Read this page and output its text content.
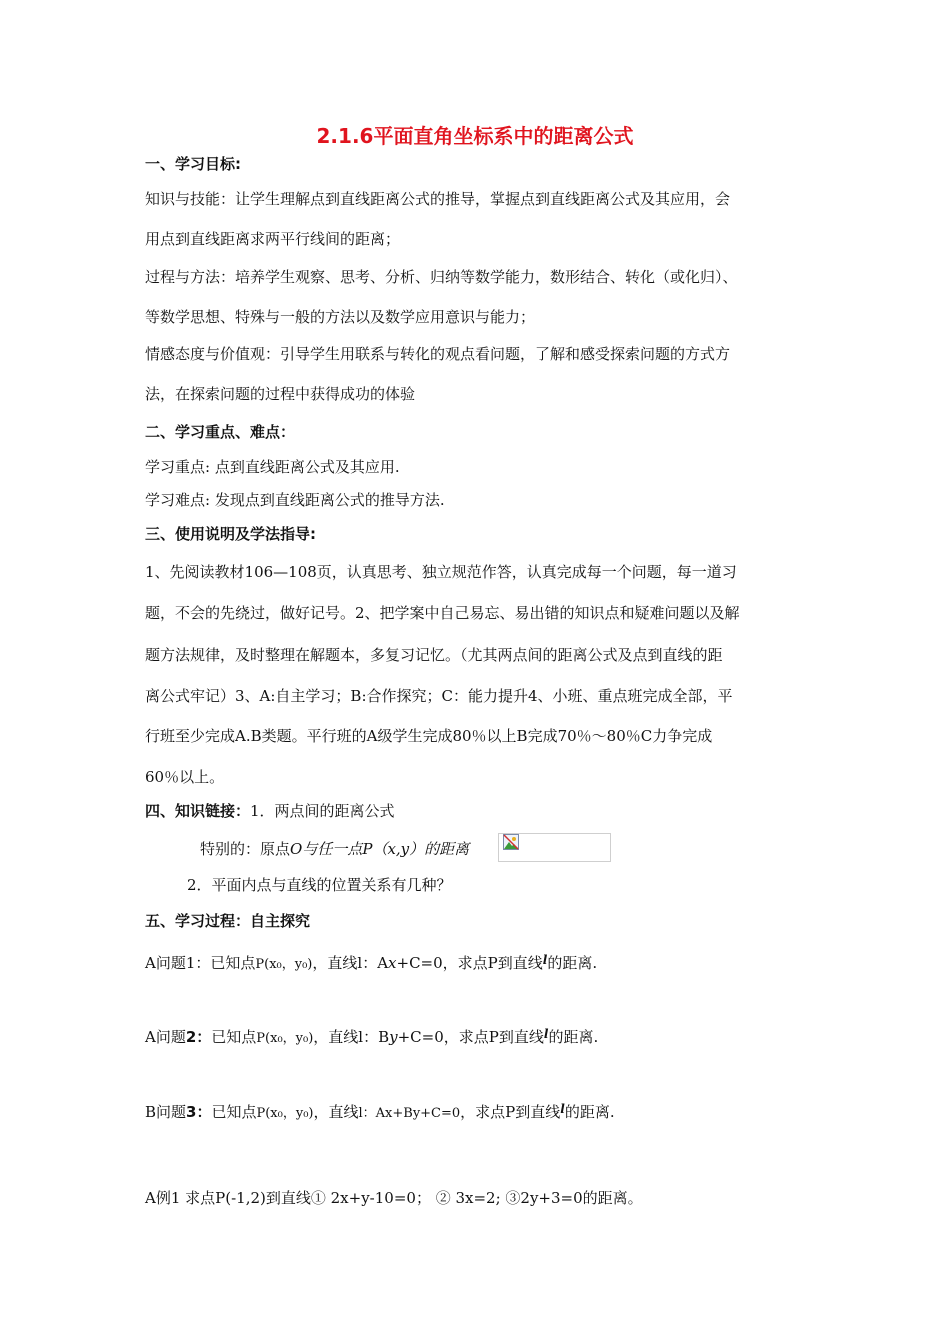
2.1.6平面直角坐标系中的距离公式
一、学习目标:
知识与技能：让学生理解点到直线距离公式的推导，掌握点到直线距离公式及其应用，会
用点到直线距离求两平行线间的距离；
过程与方法：培养学生观察、思考、分析、归纳等数学能力，数形结合、转化（或化归）、
等数学思想、特殊与一般的方法以及数学应用意识与能力；
情感态度与价值观：引导学生用联系与转化的观点看问题，了解和感受探索问题的方式方
法，在探索问题的过程中获得成功的体验
二、学习重点、难点：
学习重点: 点到直线距离公式及其应用.
学习难点: 发现点到直线距离公式的推导方法.
三、使用说明及学法指导:
1、先阅读教材106—108页，认真思考、独立规范作答，认真完成每一个问题，每一道习
题，不会的先绕过，做好记号。2、把学案中自己易忘、易出错的知识点和疑难问题以及解
题方法规律，及时整理在解题本，多复习记忆。（尤其两点间的距离公式及点到直线的距
离公式牢记）3、A:自主学习；B:合作探究；C：能力提升4、小班、重点班完成全部，平
行班至少完成A.B类题。平行班的A级学生完成80％以上B完成70％～80％C力争完成
60％以上。
四、知识链接：1．两点间的距离公式
特别的：原点O与任一点P（x,y）的距离
2．平面内点与直线的位置关系有几种？
五、学习过程：自主探究
A问题1：已知点P(x₀，y₀)，直线l：Ax+C=0，求点P到直线$^l$的距离.
A问题2：已知点P(x₀，y₀)，直线l：By+C=0，求点P到直线$^l$的距离.
B问题3：已知点P(x₀，y₀)，直线l：Ax+By+C=0，求点P到直线$^l$的距离.
A例1 求点P(-1,2)到直线① 2x+y-10=0； ② 3x=2; ③2y+3=0的距离。
